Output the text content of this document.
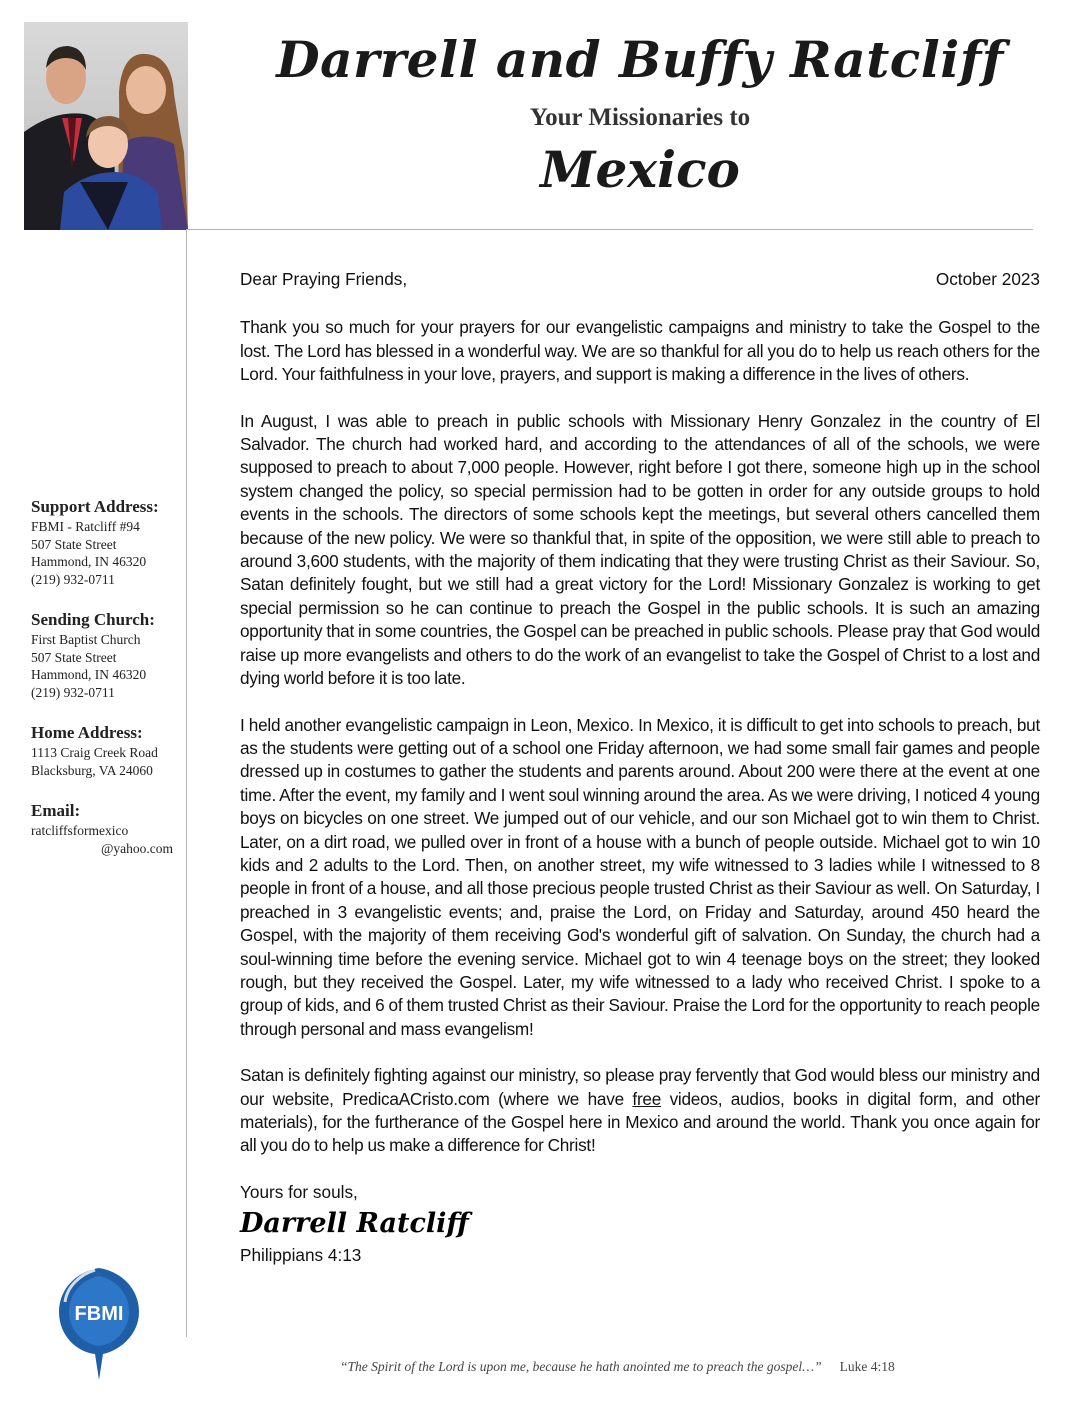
Darrell and Buffy Ratcliff
Your Missionaries to
Mexico
Support Address:
FBMI - Ratcliff #94
507 State Street
Hammond, IN 46320
(219) 932-0711
Sending Church:
First Baptist Church
507 State Street
Hammond, IN 46320
(219) 932-0711
Home Address:
1113 Craig Creek Road
Blacksburg, VA 24060
Email:
ratcliffsformexico
@yahoo.com
Dear Praying Friends,	October 2023

Thank you so much for your prayers for our evangelistic campaigns and ministry to take the Gospel to the lost. The Lord has blessed in a wonderful way. We are so thankful for all you do to help us reach others for the Lord. Your faithfulness in your love, prayers, and support is making a difference in the lives of others.

In August, I was able to preach in public schools with Missionary Henry Gonzalez in the country of El Salvador. The church had worked hard, and according to the attendances of all of the schools, we were supposed to preach to about 7,000 people. However, right before I got there, someone high up in the school system changed the policy, so special permission had to be gotten in order for any outside groups to hold events in the schools. The directors of some schools kept the meetings, but several others cancelled them because of the new policy. We were so thankful that, in spite of the opposition, we were still able to preach to around 3,600 students, with the majority of them indicating that they were trusting Christ as their Saviour. So, Satan definitely fought, but we still had a great victory for the Lord! Missionary Gonzalez is working to get special permission so he can continue to preach the Gospel in the public schools. It is such an amazing opportunity that in some countries, the Gospel can be preached in public schools. Please pray that God would raise up more evangelists and others to do the work of an evangelist to take the Gospel of Christ to a lost and dying world before it is too late.

I held another evangelistic campaign in Leon, Mexico. In Mexico, it is difficult to get into schools to preach, but as the students were getting out of a school one Friday afternoon, we had some small fair games and people dressed up in costumes to gather the students and parents around. About 200 were there at the event at one time. After the event, my family and I went soul winning around the area. As we were driving, I noticed 4 young boys on bicycles on one street. We jumped out of our vehicle, and our son Michael got to win them to Christ. Later, on a dirt road, we pulled over in front of a house with a bunch of people outside. Michael got to win 10 kids and 2 adults to the Lord. Then, on another street, my wife witnessed to 3 ladies while I witnessed to 8 people in front of a house, and all those precious people trusted Christ as their Saviour as well. On Saturday, I preached in 3 evangelistic events; and, praise the Lord, on Friday and Saturday, around 450 heard the Gospel, with the majority of them receiving God's wonderful gift of salvation. On Sunday, the church had a soul-winning time before the evening service. Michael got to win 4 teenage boys on the street; they looked rough, but they received the Gospel. Later, my wife witnessed to a lady who received Christ. I spoke to a group of kids, and 6 of them trusted Christ as their Saviour. Praise the Lord for the opportunity to reach people through personal and mass evangelism!

Satan is definitely fighting against our ministry, so please pray fervently that God would bless our ministry and our website, PredicaACristo.com (where we have free videos, audios, books in digital form, and other materials), for the furtherance of the Gospel here in Mexico and around the world. Thank you once again for all you do to help us make a difference for Christ!

Yours for souls,
Darrell Ratcliff
Philippians 4:13
FBMI
“The Spirit of the Lord is upon me, because he hath anointed me to preach the gospel…” Luke 4:18
